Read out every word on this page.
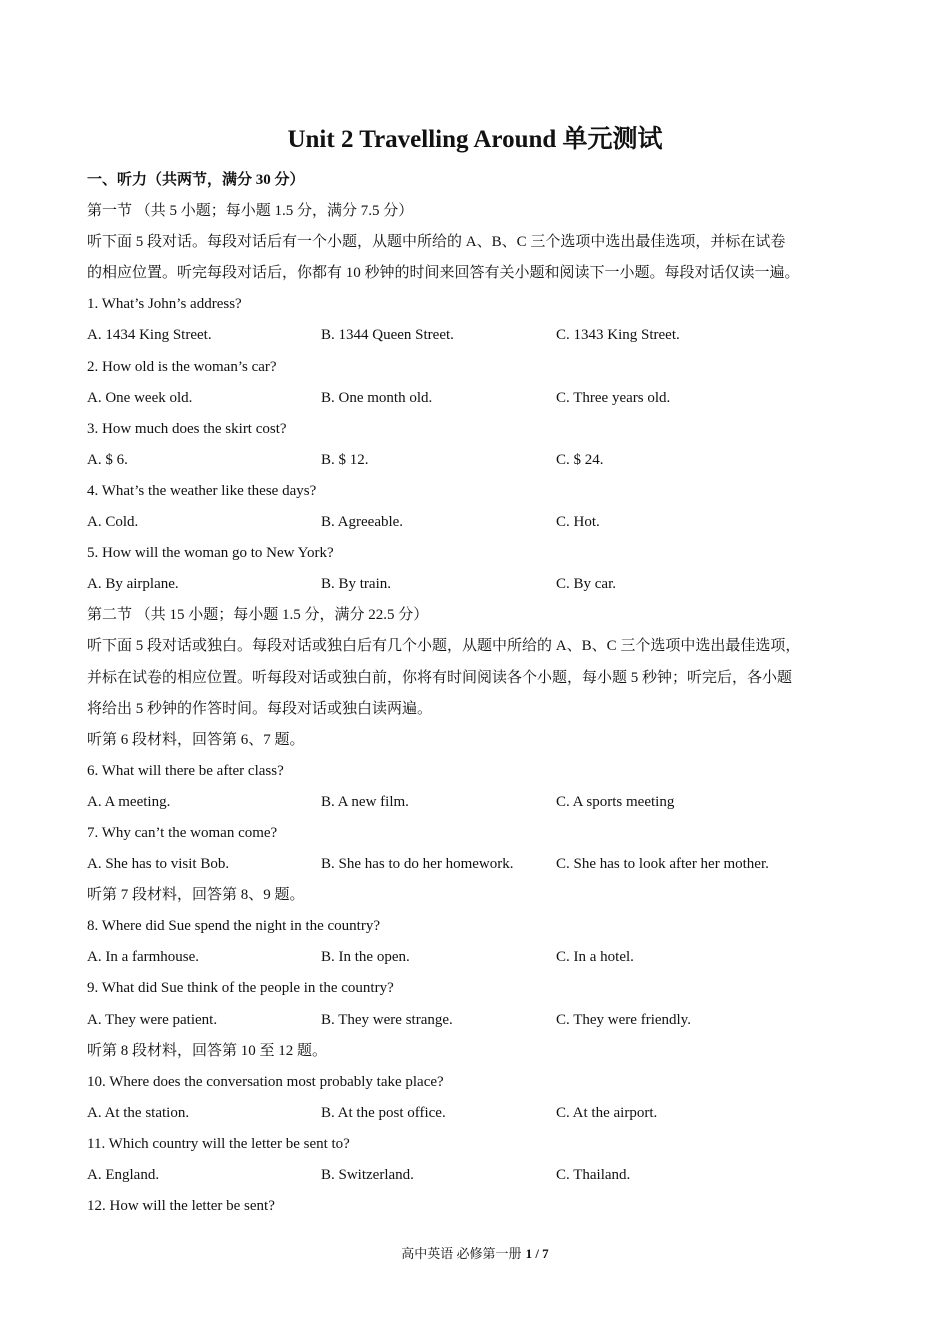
Unit 2 Travelling Around 单元测试
一、听力（共两节，满分 30 分）
第一节 （共 5 小题；每小题 1.5 分，满分 7.5 分）
听下面 5 段对话。每段对话后有一个小题，从题中所给的 A、B、C 三个选项中选出最佳选项，并标在试卷
的相应位置。听完每段对话后，你都有 10 秒钟的时间来回答有关小题和阅读下一小题。每段对话仅读一遍。
1. What’s John’s address?
A. 1434 King Street.	B. 1344 Queen Street.	C. 1343 King Street.
2. How old is the woman’s car?
A. One week old.	B. One month old.	C. Three years old.
3. How much does the skirt cost?
A. $ 6.	B. $ 12.	C. $ 24.
4. What’s the weather like these days?
A. Cold.	B. Agreeable.	C. Hot.
5. How will the woman go to New York?
A. By airplane.	B. By train.	C. By car.
第二节 （共 15 小题；每小题 1.5 分，满分 22.5 分）
听下面 5 段对话或独白。每段对话或独白后有几个小题，从题中所给的 A、B、C 三个选项中选出最佳选项，
并标在试卷的相应位置。听每段对话或独白前，你将有时间阅读各个小题，每小题 5 秒钟；听完后，各小题
将给出 5 秒钟的作答时间。每段对话或独白读两遍。
听第 6 段材料，回答第 6、7 题。
6. What will there be after class?
A. A meeting.	B. A new film.	C. A sports meeting
7. Why can’t the woman come?
A. She has to visit Bob.	B. She has to do her homework.	C. She has to look after her mother.
听第 7 段材料，回答第 8、9 题。
8. Where did Sue spend the night in the country?
A. In a farmhouse.	B. In the open.	C. In a hotel.
9. What did Sue think of the people in the country?
A. They were patient.	B. They were strange.	C. They were friendly.
听第 8 段材料，回答第 10 至 12 题。
10. Where does the conversation most probably take place?
A. At the station.	B. At the post office.	C. At the airport.
11. Which country will the letter be sent to?
A. England.	B. Switzerland.	C. Thailand.
12. How will the letter be sent?
高中英语 必修第一册 1 / 7
